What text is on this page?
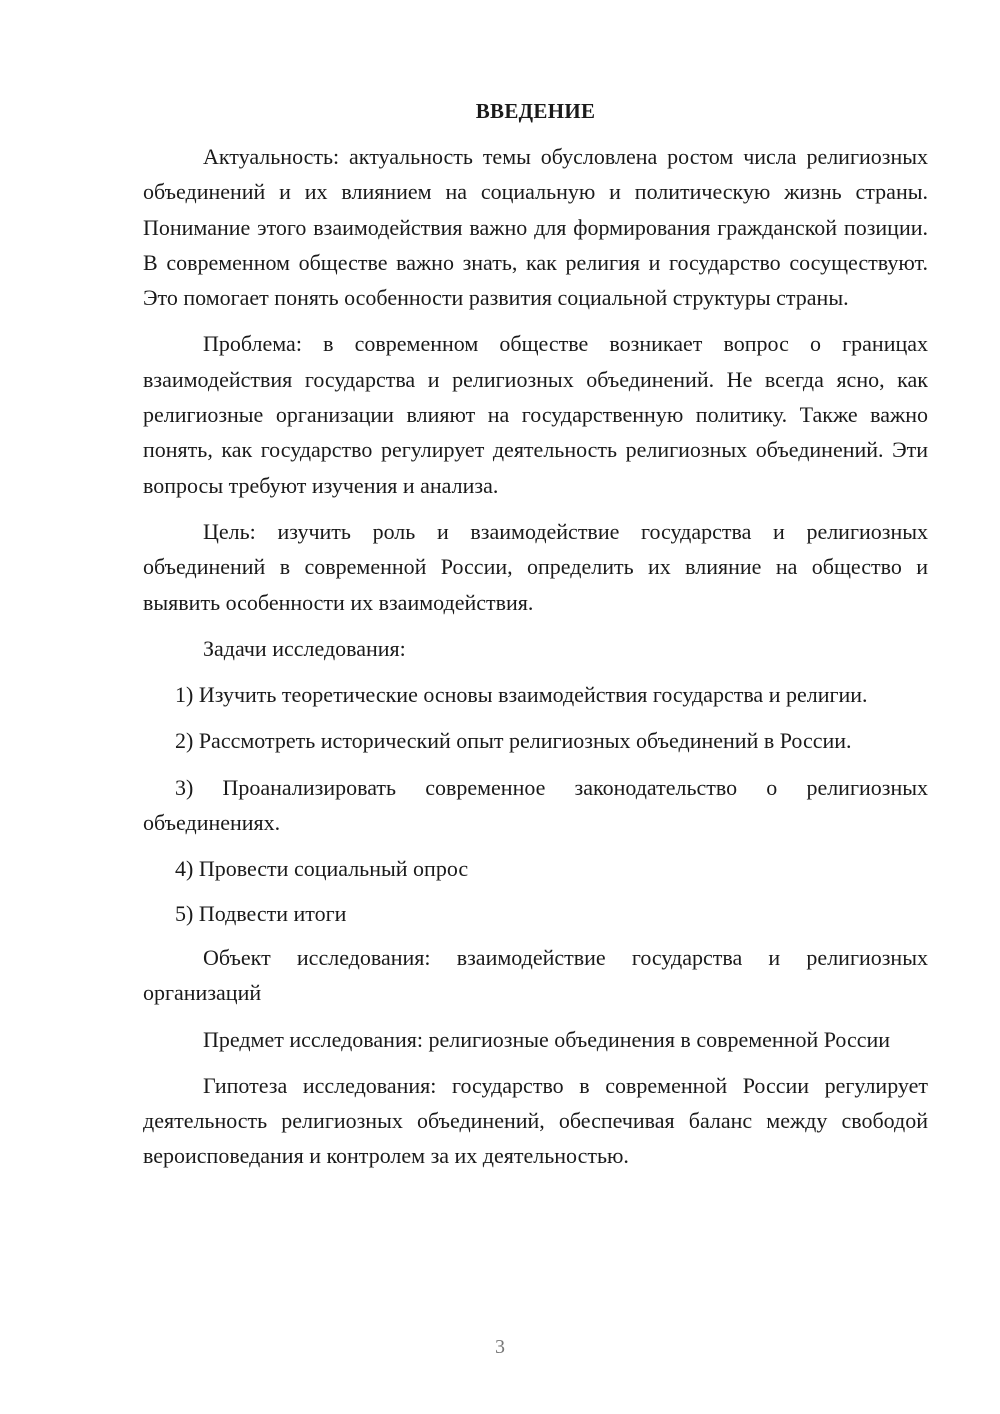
ВВЕДЕНИЕ

Актуальность: актуальность темы обусловлена ростом числа религиозных объединений и их влиянием на социальную и политическую жизнь страны. Понимание этого взаимодействия важно для формирования гражданской позиции. В современном обществе важно знать, как религия и государство сосуществуют. Это помогает понять особенности развития социальной структуры страны.

Проблема: в современном обществе возникает вопрос о границах взаимодействия государства и религиозных объединений. Не всегда ясно, как религиозные организации влияют на государственную политику. Также важно понять, как государство регулирует деятельность религиозных объединений. Эти вопросы требуют изучения и анализа.

Цель: изучить роль и взаимодействие государства и религиозных объединений в современной России, определить их влияние на общество и выявить особенности их взаимодействия.

Задачи исследования:

1) Изучить теоретические основы взаимодействия государства и религии.

2) Рассмотреть исторический опыт религиозных объединений в России.

3) Проанализировать современное законодательство о религиозных объединениях.

4) Провести социальный опрос

5) Подвести итоги

Объект исследования: взаимодействие государства и религиозных организаций

Предмет исследования: религиозные объединения в современной России

Гипотеза исследования: государство в современной России регулирует деятельность религиозных объединений, обеспечивая баланс между свободой вероисповедания и контролем за их деятельностью.

3
